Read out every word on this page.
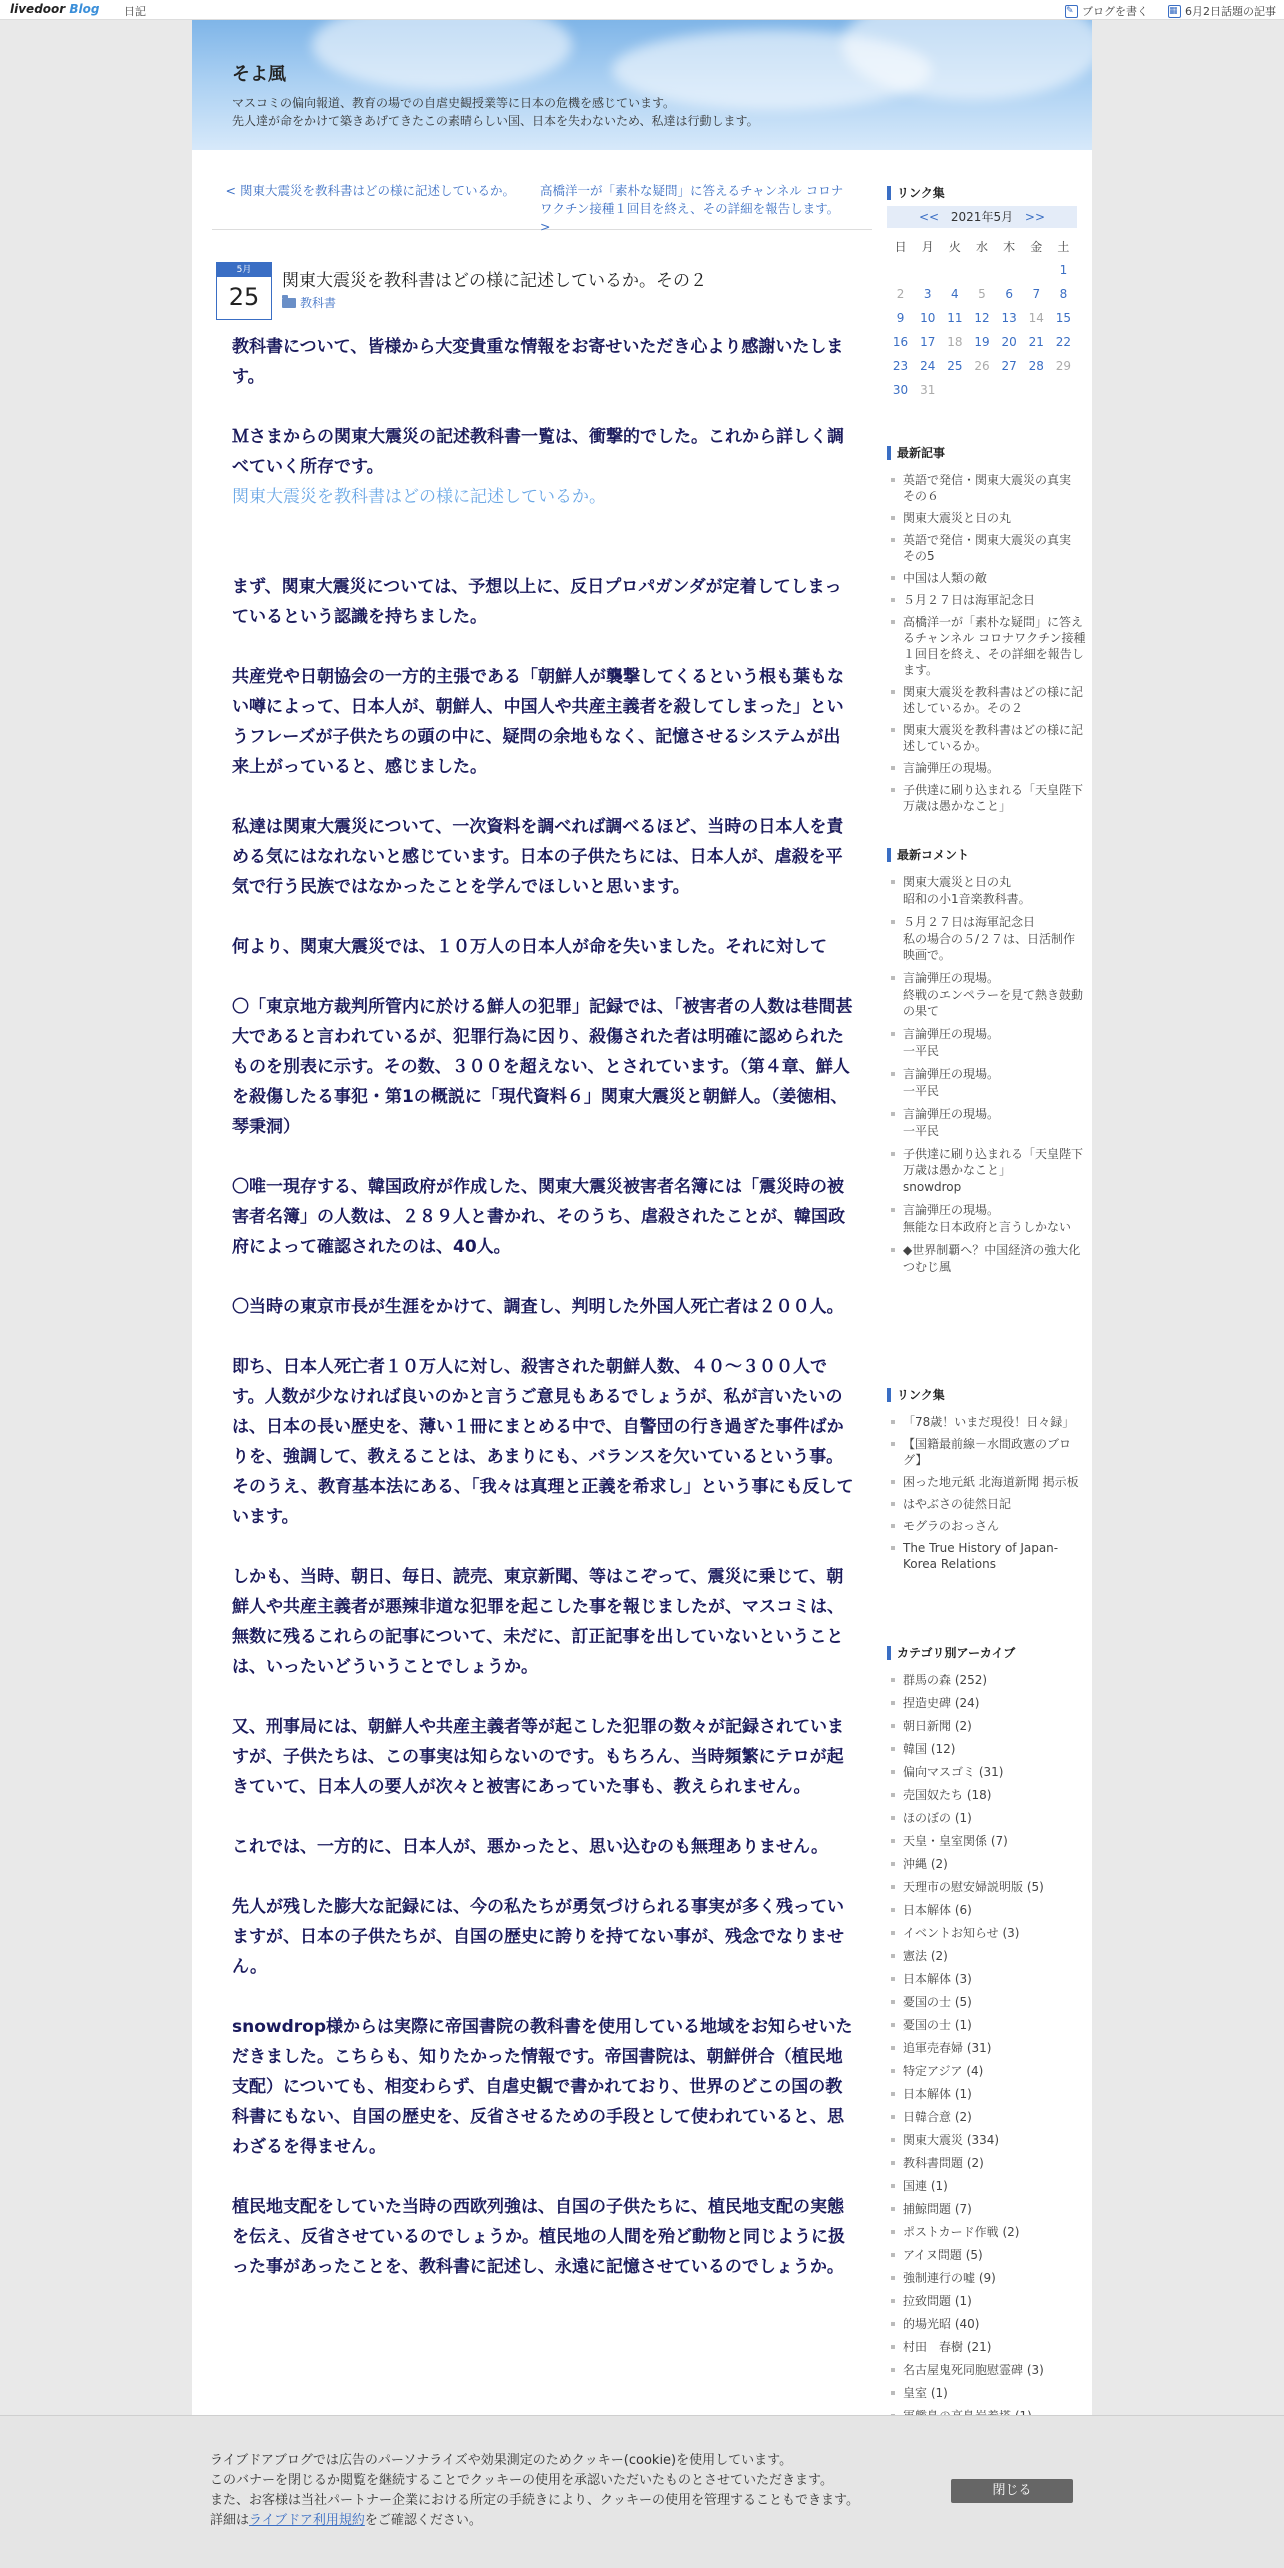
livedoor Blog 日記	✎ ブログを書く ▦ 6月2日話題の記事
そよ風
マスコミの偏向報道、教育の場での自虐史観授業等に日本の危機を感じています。
先人達が命をかけて築きあげてきたこの素晴らしい国、日本を失わないため、私達は行動します。
< 関東大震災を教科書はどの様に記述しているか。 高橋洋一が「素朴な疑問」に答えるチャンネル コロナワクチン接種１回目を終え、その詳細を報告します。 >
5月
25
関東大震災を教科書はどの様に記述しているか。その２
教科書

教科書について、皆様から大変貴重な情報をお寄せいただき心より感謝いたします。

Ｍさまからの関東大震災の記述教科書一覧は、衝撃的でした。これから詳しく調べていく所存です。
関東大震災を教科書はどの様に記述しているか。

まず、関東大震災については、予想以上に、反日プロパガンダが定着してしまっているという認識を持ちました。

共産党や日朝協会の一方的主張である「朝鮮人が襲撃してくるという根も葉もない噂によって、日本人が、朝鮮人、中国人や共産主義者を殺してしまった」というフレーズが子供たちの頭の中に、疑問の余地もなく、記憶させるシステムが出来上がっていると、感じました。

私達は関東大震災について、一次資料を調べれば調べるほど、当時の日本人を責める気にはなれないと感じています。日本の子供たちには、日本人が、虐殺を平気で行う民族ではなかったことを学んでほしいと思います。

何より、関東大震災では、１０万人の日本人が命を失いました。それに対して

〇「東京地方裁判所管内に於ける鮮人の犯罪」記録では、「被害者の人数は巷間甚大であると言われているが、犯罪行為に因り、殺傷された者は明確に認められたものを別表に示す。その数、３００を超えない、とされています。（第４章、鮮人を殺傷したる事犯・第1の概説に「現代資料６」関東大震災と朝鮮人。（姜徳相、琴秉洞）

〇唯一現存する、韓国政府が作成した、関東大震災被害者名簿には「震災時の被害者名簿」の人数は、２８９人と書かれ、そのうち、虐殺されたことが、韓国政府によって確認されたのは、40人。

〇当時の東京市長が生涯をかけて、調査し、判明した外国人死亡者は２００人。

即ち、日本人死亡者１０万人に対し、殺害された朝鮮人数、４０～３００人です。人数が少なければ良いのかと言うご意見もあるでしょうが、私が言いたいのは、日本の長い歴史を、薄い１冊にまとめる中で、自警団の行き過ぎた事件ばかりを、強調して、教えることは、あまりにも、バランスを欠いているという事。そのうえ、教育基本法にある、「我々は真理と正義を希求し」という事にも反しています。

しかも、当時、朝日、毎日、読売、東京新聞、等はこぞって、震災に乗じて、朝鮮人や共産主義者が悪辣非道な犯罪を起こした事を報じましたが、マスコミは、無数に残るこれらの記事について、未だに、訂正記事を出していないということは、いったいどういうことでしょうか。

又、刑事局には、朝鮮人や共産主義者等が起こした犯罪の数々が記録されていますが、子供たちは、この事実は知らないのです。もちろん、当時頻繁にテロが起きていて、日本人の要人が次々と被害にあっていた事も、教えられません。

これでは、一方的に、日本人が、悪かったと、思い込むのも無理ありません。

先人が残した膨大な記録には、今の私たちが勇気づけられる事実が多く残っていますが、日本の子供たちが、自国の歴史に誇りを持てない事が、残念でなりません。

snowdrop様からは実際に帝国書院の教科書を使用している地域をお知らせいただきました。こちらも、知りたかった情報です。帝国書院は、朝鮮併合（植民地支配）についても、相変わらず、自虐史観で書かれており、世界のどこの国の教科書にもない、自国の歴史を、反省させるための手段として使われていると、思わざるを得ません。

植民地支配をしていた当時の西欧列強は、自国の子供たちに、植民地支配の実態を伝え、反省させているのでしょうか。植民地の人間を殆ど動物と同じように扱った事があったことを、教科書に記述し、永遠に記憶させているのでしょうか。

リンク集
<< 2021年5月 >>
日	月	火	水	木	金	土
						1
2	3	4	5	6	7	8
9	10	11	12	13	14	15
16	17	18	19	20	21	22
23	24	25	26	27	28	29
30	31					
最新記事
英語で発信・関東大震災の真実　その６
関東大震災と日の丸
英語で発信・関東大震災の真実　その5
中国は人類の敵
５月２７日は海軍記念日
高橋洋一が「素朴な疑問」に答えるチャンネル コロナワクチン接種１回目を終え、その詳細を報告します。
関東大震災を教科書はどの様に記述しているか。その２
関東大震災を教科書はどの様に記述しているか。
言論弾圧の現場。
子供達に刷り込まれる「天皇陛下万歳は愚かなこと」
最新コメント
関東大震災と日の丸
昭和の小1音楽教科書。
５月２７日は海軍記念日
私の場合の５/２７は、日活制作映画で。
言論弾圧の現場。
終戦のエンペラーを見て熱き鼓動の果て
言論弾圧の現場。
一平民
言論弾圧の現場。
一平民
言論弾圧の現場。
一平民
子供達に刷り込まれる「天皇陛下万歳は愚かなこと」
snowdrop
言論弾圧の現場。
無能な日本政府と言うしかない
◆世界制覇へ？中国経済の強大化
つむじ風
リンク集
「78歳！いまだ現役！日々録」
【国籍最前線－水間政憲のブログ】
困った地元紙 北海道新聞 掲示板
はやぶさの徒然日記
モグラのおっさん
The True History of Japan-Korea Relations
カテゴリ別アーカイブ
群馬の森 (252)
捏造史碑 (24)
朝日新聞 (2)
韓国 (12)
偏向マスゴミ (31)
売国奴たち (18)
ほのぼの (1)
天皇・皇室関係 (7)
沖縄 (2)
天理市の慰安婦説明版 (5)
日本解体 (6)
イベントお知らせ (3)
憲法 (2)
日本解体 (3)
憂国の士 (5)
憂国の士 (1)
追軍売春婦 (31)
特定アジア (4)
日本解体 (1)
日韓合意 (2)
関東大震災 (334)
教科書問題 (2)
国連 (1)
捕鯨問題 (7)
ポストカード作戦 (2)
アイヌ問題 (5)
強制連行の嘘 (9)
拉致問題 (1)
的場光昭 (40)
村田　春樹 (21)
名古屋鬼死同胞慰霊碑 (3)
皇室 (1)
ライブドアブログでは広告のパーソナライズや効果測定のためクッキー(cookie)を使用しています。
このバナーを閉じるか閲覧を継続することでクッキーの使用を承認いただいたものとさせていただきます。
また、お客様は当社パートナー企業における所定の手続きにより、クッキーの使用を管理することもできます。
詳細はライブドア利用規約をご確認ください。
閉じる
